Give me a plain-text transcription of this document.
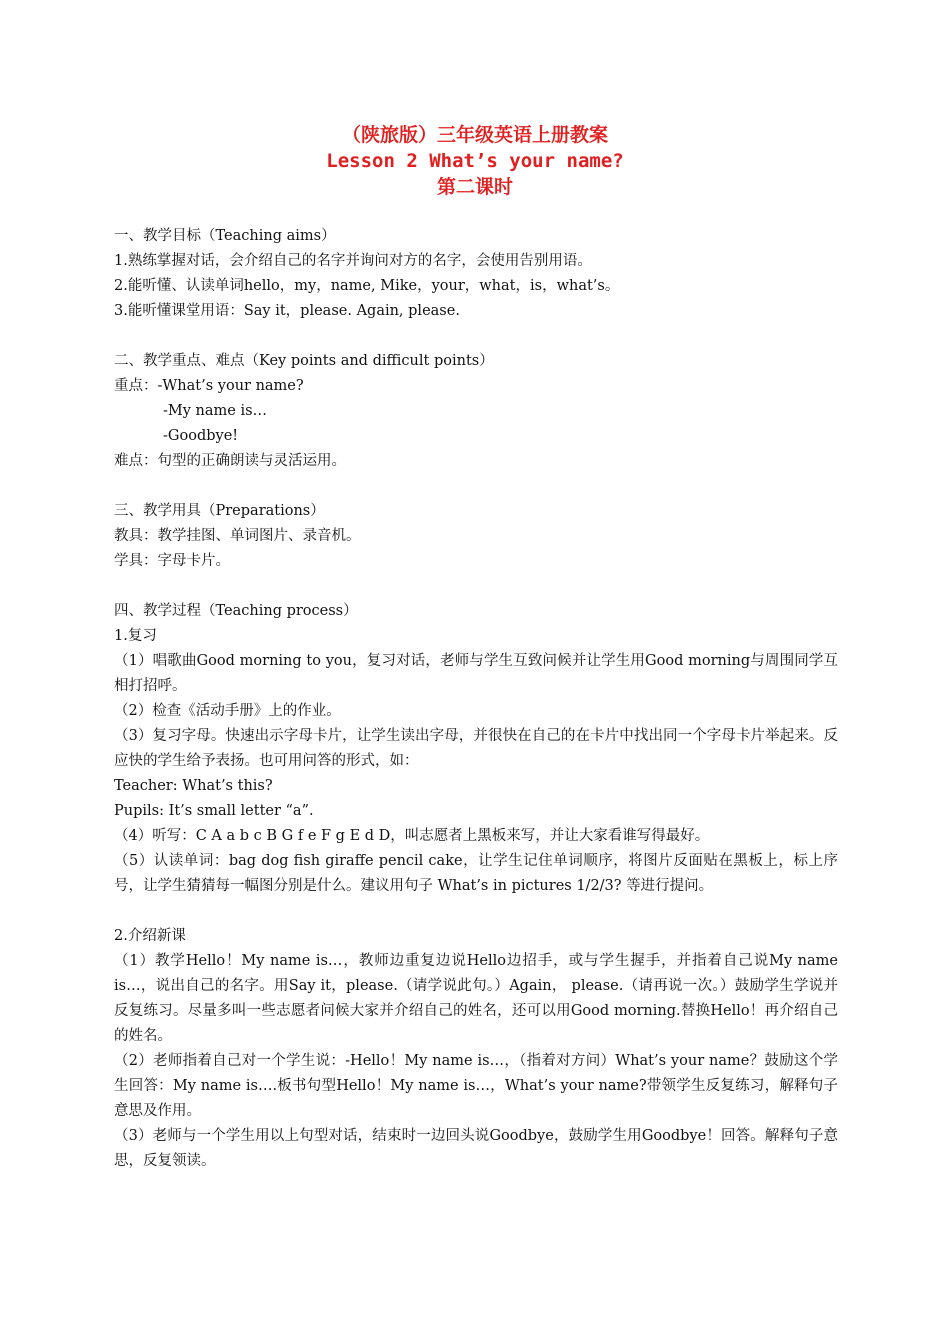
（陕旅版）三年级英语上册教案
Lesson 2 What’s your name?
第二课时
一、教学目标（Teaching aims）
1.熟练掌握对话，会介绍自己的名字并询问对方的名字，会使用告别用语。
2.能听懂、认读单词hello，my，name, Mike，your，what，is，what’s。
3.能听懂课堂用语：Say it，please. Again, please.
二、教学重点、难点（Key points and difficult points）
重点：-What’s your name?
-My name is…
-Goodbye!
难点：句型的正确朗读与灵活运用。
三、教学用具（Preparations）
教具：教学挂图、单词图片、录音机。
学具：字母卡片。
四、教学过程（Teaching process）
1.复习
（1）唱歌曲Good morning to you，复习对话，老师与学生互致问候并让学生用Good morning与周围同学互相打招呼。
（2）检查《活动手册》上的作业。
（3）复习字母。快速出示字母卡片，让学生读出字母，并很快在自己的在卡片中找出同一个字母卡片举起来。反应快的学生给予表扬。也可用问答的形式，如：
Teacher: What’s this?
Pupils: It’s small letter “a”.
（4）听写：C A a b c B G f e F g E d D，叫志愿者上黑板来写，并让大家看谁写得最好。
（5）认读单词：bag dog fish giraffe pencil cake，让学生记住单词顺序，将图片反面贴在黑板上，标上序号，让学生猜猜每一幅图分别是什么。建议用句子 What’s in pictures 1/2/3? 等进行提问。
2.介绍新课
（1）教学Hello！My name is…，教师边重复边说Hello边招手，或与学生握手，并指着自己说My name is…，说出自己的名字。用Say it，please.（请学说此句。）Again， please.（请再说一次。）鼓励学生学说并反复练习。尽量多叫一些志愿者问候大家并介绍自己的姓名，还可以用Good morning.替换Hello！再介绍自己的姓名。
（2）老师指着自己对一个学生说：-Hello！My name is…，（指着对方问）What’s your name？鼓励这个学生回答：My name is….板书句型Hello！My name is…，What’s your name?带领学生反复练习，解释句子意思及作用。
（3）老师与一个学生用以上句型对话，结束时一边回头说Goodbye，鼓励学生用Goodbye！回答。解释句子意思，反复领读。
